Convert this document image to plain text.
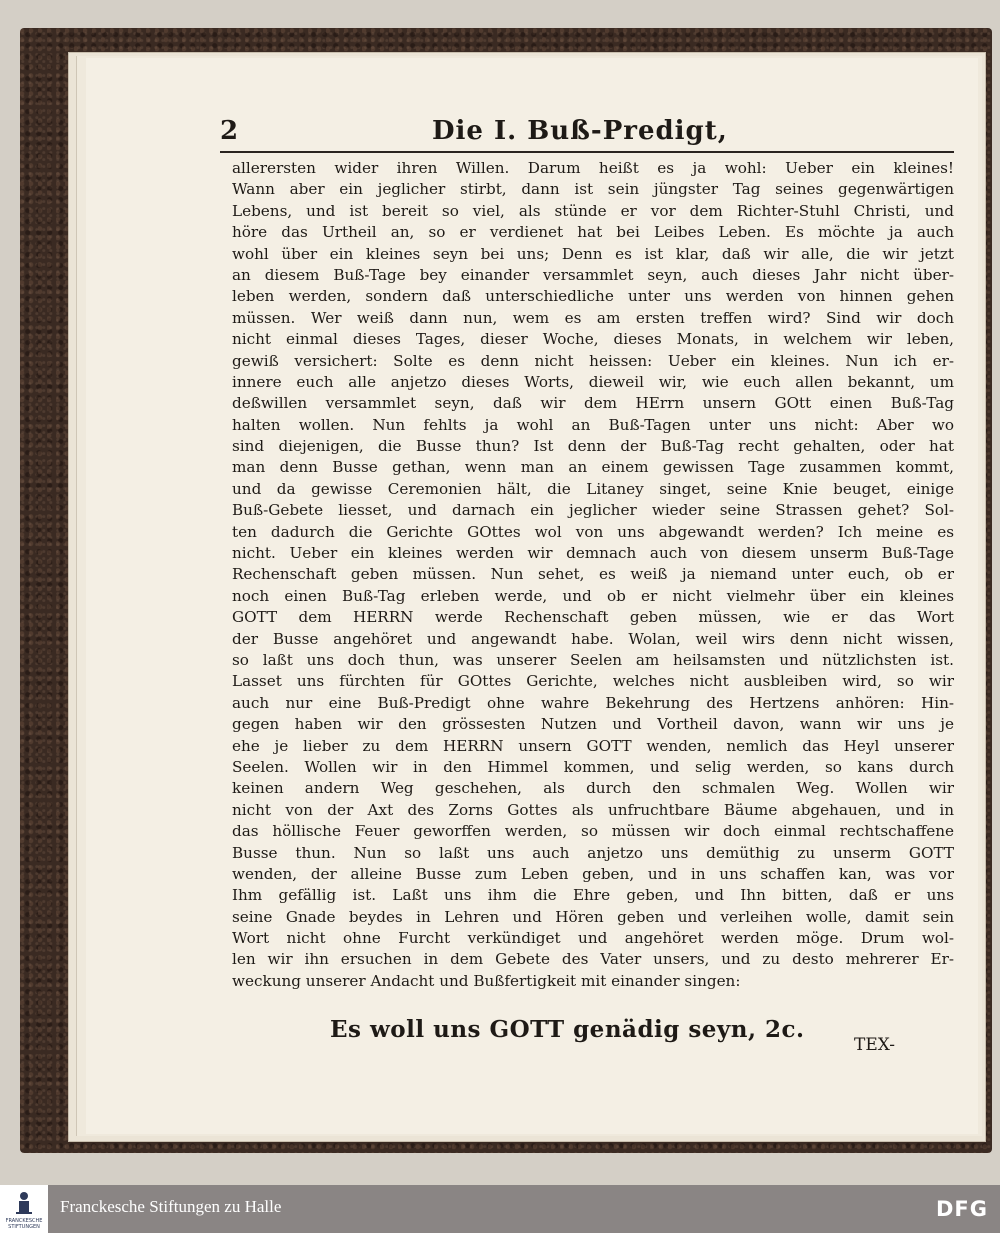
2	Die I. Buß-Predigt,
allerersten wider ihren Willen. Darum heißt es ja wohl: Ueber ein kleines!
Wann aber ein jeglicher stirbt, dann ist sein jüngster Tag seines gegenwärtigen
Lebens, und ist bereit so viel, als stünde er vor dem Richter-Stuhl Christi, und
höre das Urtheil an, so er verdienet hat bei Leibes Leben. Es möchte ja auch
wohl über ein kleines seyn bei uns; Denn es ist klar, daß wir alle, die wir jetzt
an diesem Buß-Tage bey einander versammlet seyn, auch dieses Jahr nicht über-
leben werden, sondern daß unterschiedliche unter uns werden von hinnen gehen
müssen. Wer weiß dann nun, wem es am ersten treffen wird? Sind wir doch
nicht einmal dieses Tages, dieser Woche, dieses Monats, in welchem wir leben,
gewiß versichert: Solte es denn nicht heissen: Ueber ein kleines. Nun ich er-
innere euch alle anjetzo dieses Worts, dieweil wir, wie euch allen bekannt, um
deßwillen versammlet seyn, daß wir dem HErrn unsern GOtt einen Buß-Tag
halten wollen. Nun fehlts ja wohl an Buß-Tagen unter uns nicht: Aber wo
sind diejenigen, die Busse thun? Ist denn der Buß-Tag recht gehalten, oder hat
man denn Busse gethan, wenn man an einem gewissen Tage zusammen kommt,
und da gewisse Ceremonien hält, die Litaney singet, seine Knie beuget, einige
Buß-Gebete liesset, und darnach ein jeglicher wieder seine Strassen gehet? Sol-
ten dadurch die Gerichte GOttes wol von uns abgewandt werden? Ich meine es
nicht. Ueber ein kleines werden wir demnach auch von diesem unserm Buß-Tage
Rechenschaft geben müssen. Nun sehet, es weiß ja niemand unter euch, ob er
noch einen Buß-Tag erleben werde, und ob er nicht vielmehr über ein kleines
GOTT dem HERRN werde Rechenschaft geben müssen, wie er das Wort
der Busse angehöret und angewandt habe. Wolan, weil wirs denn nicht wissen,
so laßt uns doch thun, was unserer Seelen am heilsamsten und nützlichsten ist.
Lasset uns fürchten für GOttes Gerichte, welches nicht ausbleiben wird, so wir
auch nur eine Buß-Predigt ohne wahre Bekehrung des Hertzens anhören: Hin-
gegen haben wir den grössesten Nutzen und Vortheil davon, wann wir uns je
ehe je lieber zu dem HERRN unsern GOTT wenden, nemlich das Heyl unserer
Seelen. Wollen wir in den Himmel kommen, und selig werden, so kans durch
keinen andern Weg geschehen, als durch den schmalen Weg. Wollen wir
nicht von der Axt des Zorns Gottes als unfruchtbare Bäume abgehauen, und in
das höllische Feuer geworffen werden, so müssen wir doch einmal rechtschaffene
Busse thun. Nun so laßt uns auch anjetzo uns demüthig zu unserm GOTT
wenden, der alleine Busse zum Leben geben, und in uns schaffen kan, was vor
Ihm gefällig ist. Laßt uns ihm die Ehre geben, und Ihn bitten, daß er uns
seine Gnade beydes in Lehren und Hören geben und verleihen wolle, damit sein
Wort nicht ohne Furcht verkündiget und angehöret werden möge. Drum wol-
len wir ihn ersuchen in dem Gebete des Vater unsers, und zu desto mehrerer Er-
weckung unserer Andacht und Bußfertigkeit mit einander singen:
Es woll uns GOTT genädig seyn, 2c.
TEX-
FRANCKESCHE STIFTUNGEN
Franckesche Stiftungen zu Halle	DFG
